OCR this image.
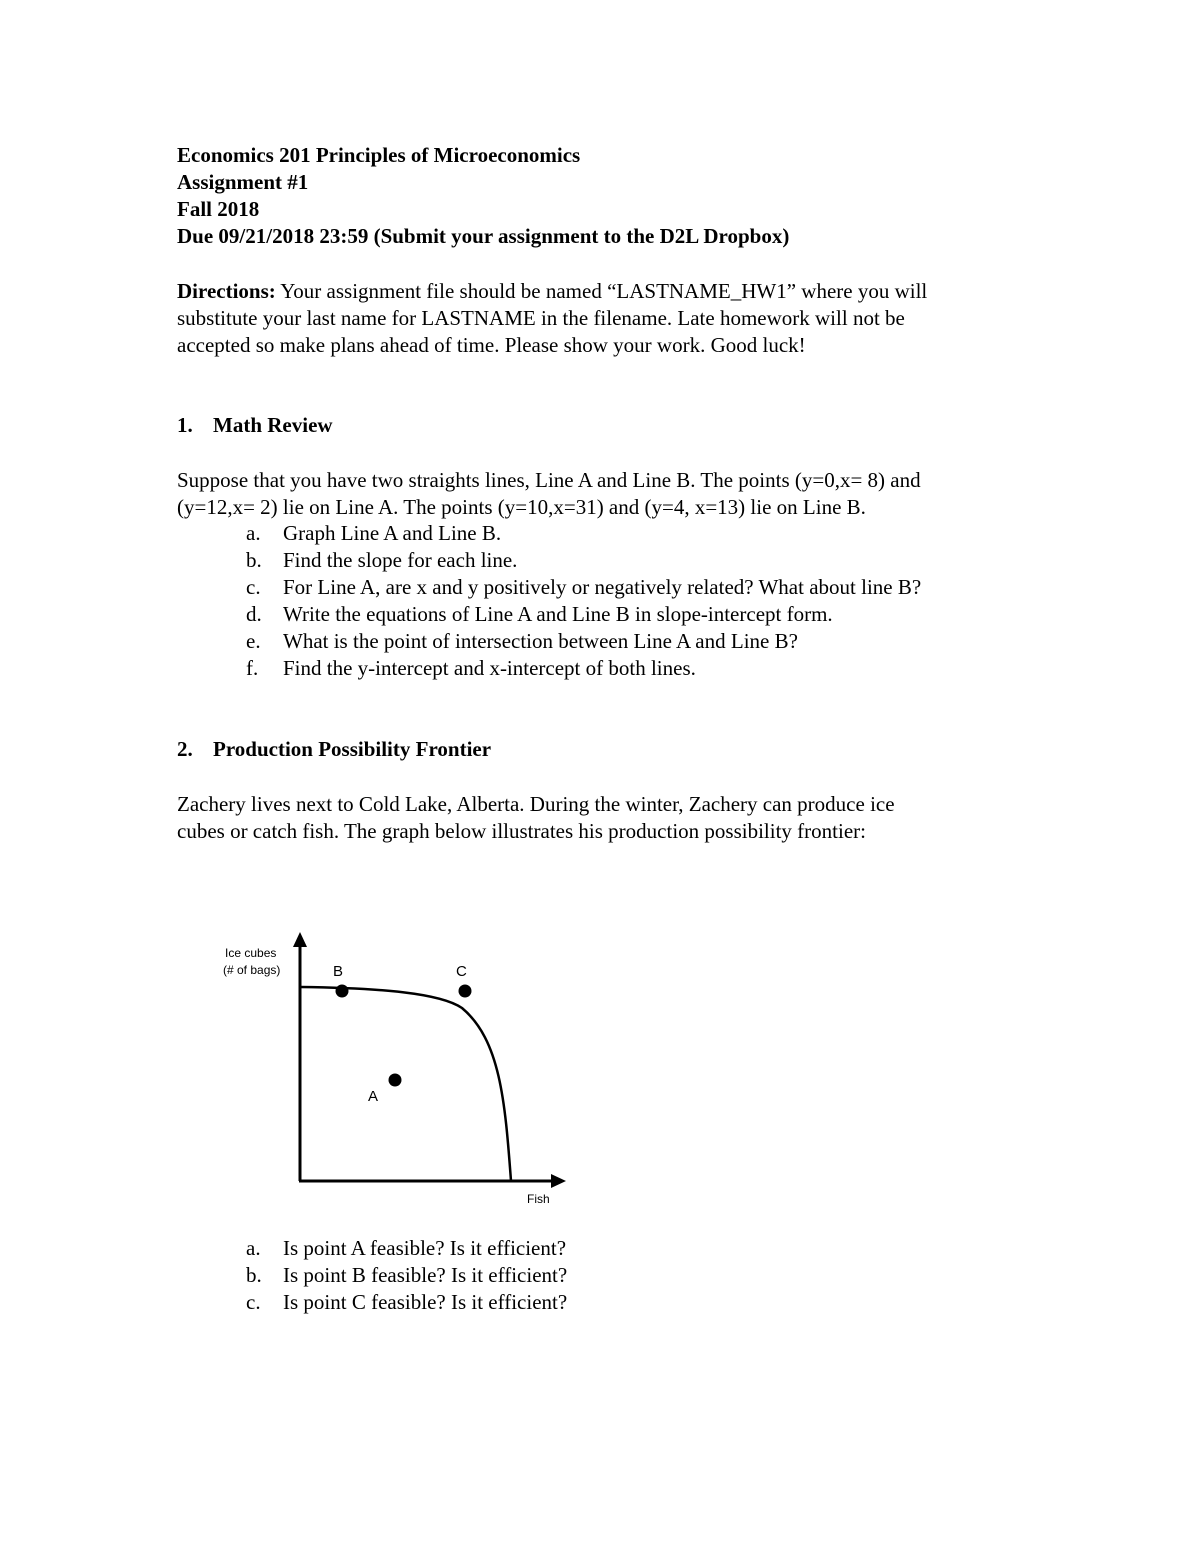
Economics 201 Principles of Microeconomics
Assignment #1
Fall 2018
Due 09/21/2018 23:59 (Submit your assignment to the D2L Dropbox)
Directions: Your assignment file should be named “LASTNAME_HW1” where you will
substitute your last name for LASTNAME in the filename. Late homework will not be
accepted so make plans ahead of time. Please show your work. Good luck!
1. Math Review
Suppose that you have two straights lines, Line A and Line B. The points (y=0,x= 8) and
(y=12,x= 2) lie on Line A. The points (y=10,x=31) and (y=4, x=13) lie on Line B.
a. Graph Line A and Line B.
b. Find the slope for each line.
c. For Line A, are x and y positively or negatively related? What about line B?
d. Write the equations of Line A and Line B in slope-intercept form.
e. What is the point of intersection between Line A and Line B?
f. Find the y-intercept and x-intercept of both lines.
2. Production Possibility Frontier
Zachery lives next to Cold Lake, Alberta. During the winter, Zachery can produce ice
cubes or catch fish. The graph below illustrates his production possibility frontier:
Ice cubes
(# of bags)	B	C
A
Fish
a. Is point A feasible? Is it efficient?
b. Is point B feasible? Is it efficient?
c. Is point C feasible? Is it efficient?
